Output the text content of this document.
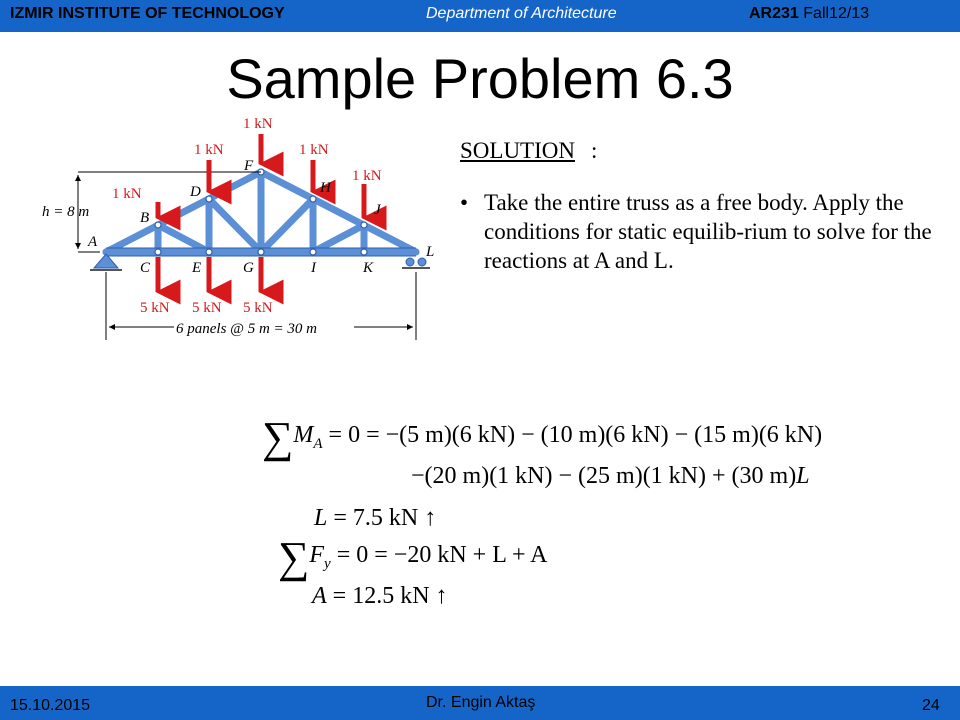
IZMIR INSTITUTE OF TECHNOLOGY	Department of Architecture	AR231 Fall12/13
Sample Problem 6.3
h = 8 m
6 panels @ 5 m = 30 m
1 kN
1 kN	1 kN
1 kN
1 kN
5 kN 5 kN 5 kN
A
B
C
D
E
F
G
H
I
J
K
L
SOLUTION :
• Take the entire truss as a free body. Apply the conditions for static equilib-rium to solve for the reactions at A and L.
$\sum M_A = 0 = -(5$ m)(6 kN) − (10 m)(6 kN) − (15 m)(6 kN)
−(20 m)(1 kN) − (25 m)(1 kN) + (30 m)L
L = 7.5 kN ↑
$\sum F_y = 0 = -20$ kN + L + A
A = 12.5 kN ↑
15.10.2015	Dr. Engin Aktaş	24
